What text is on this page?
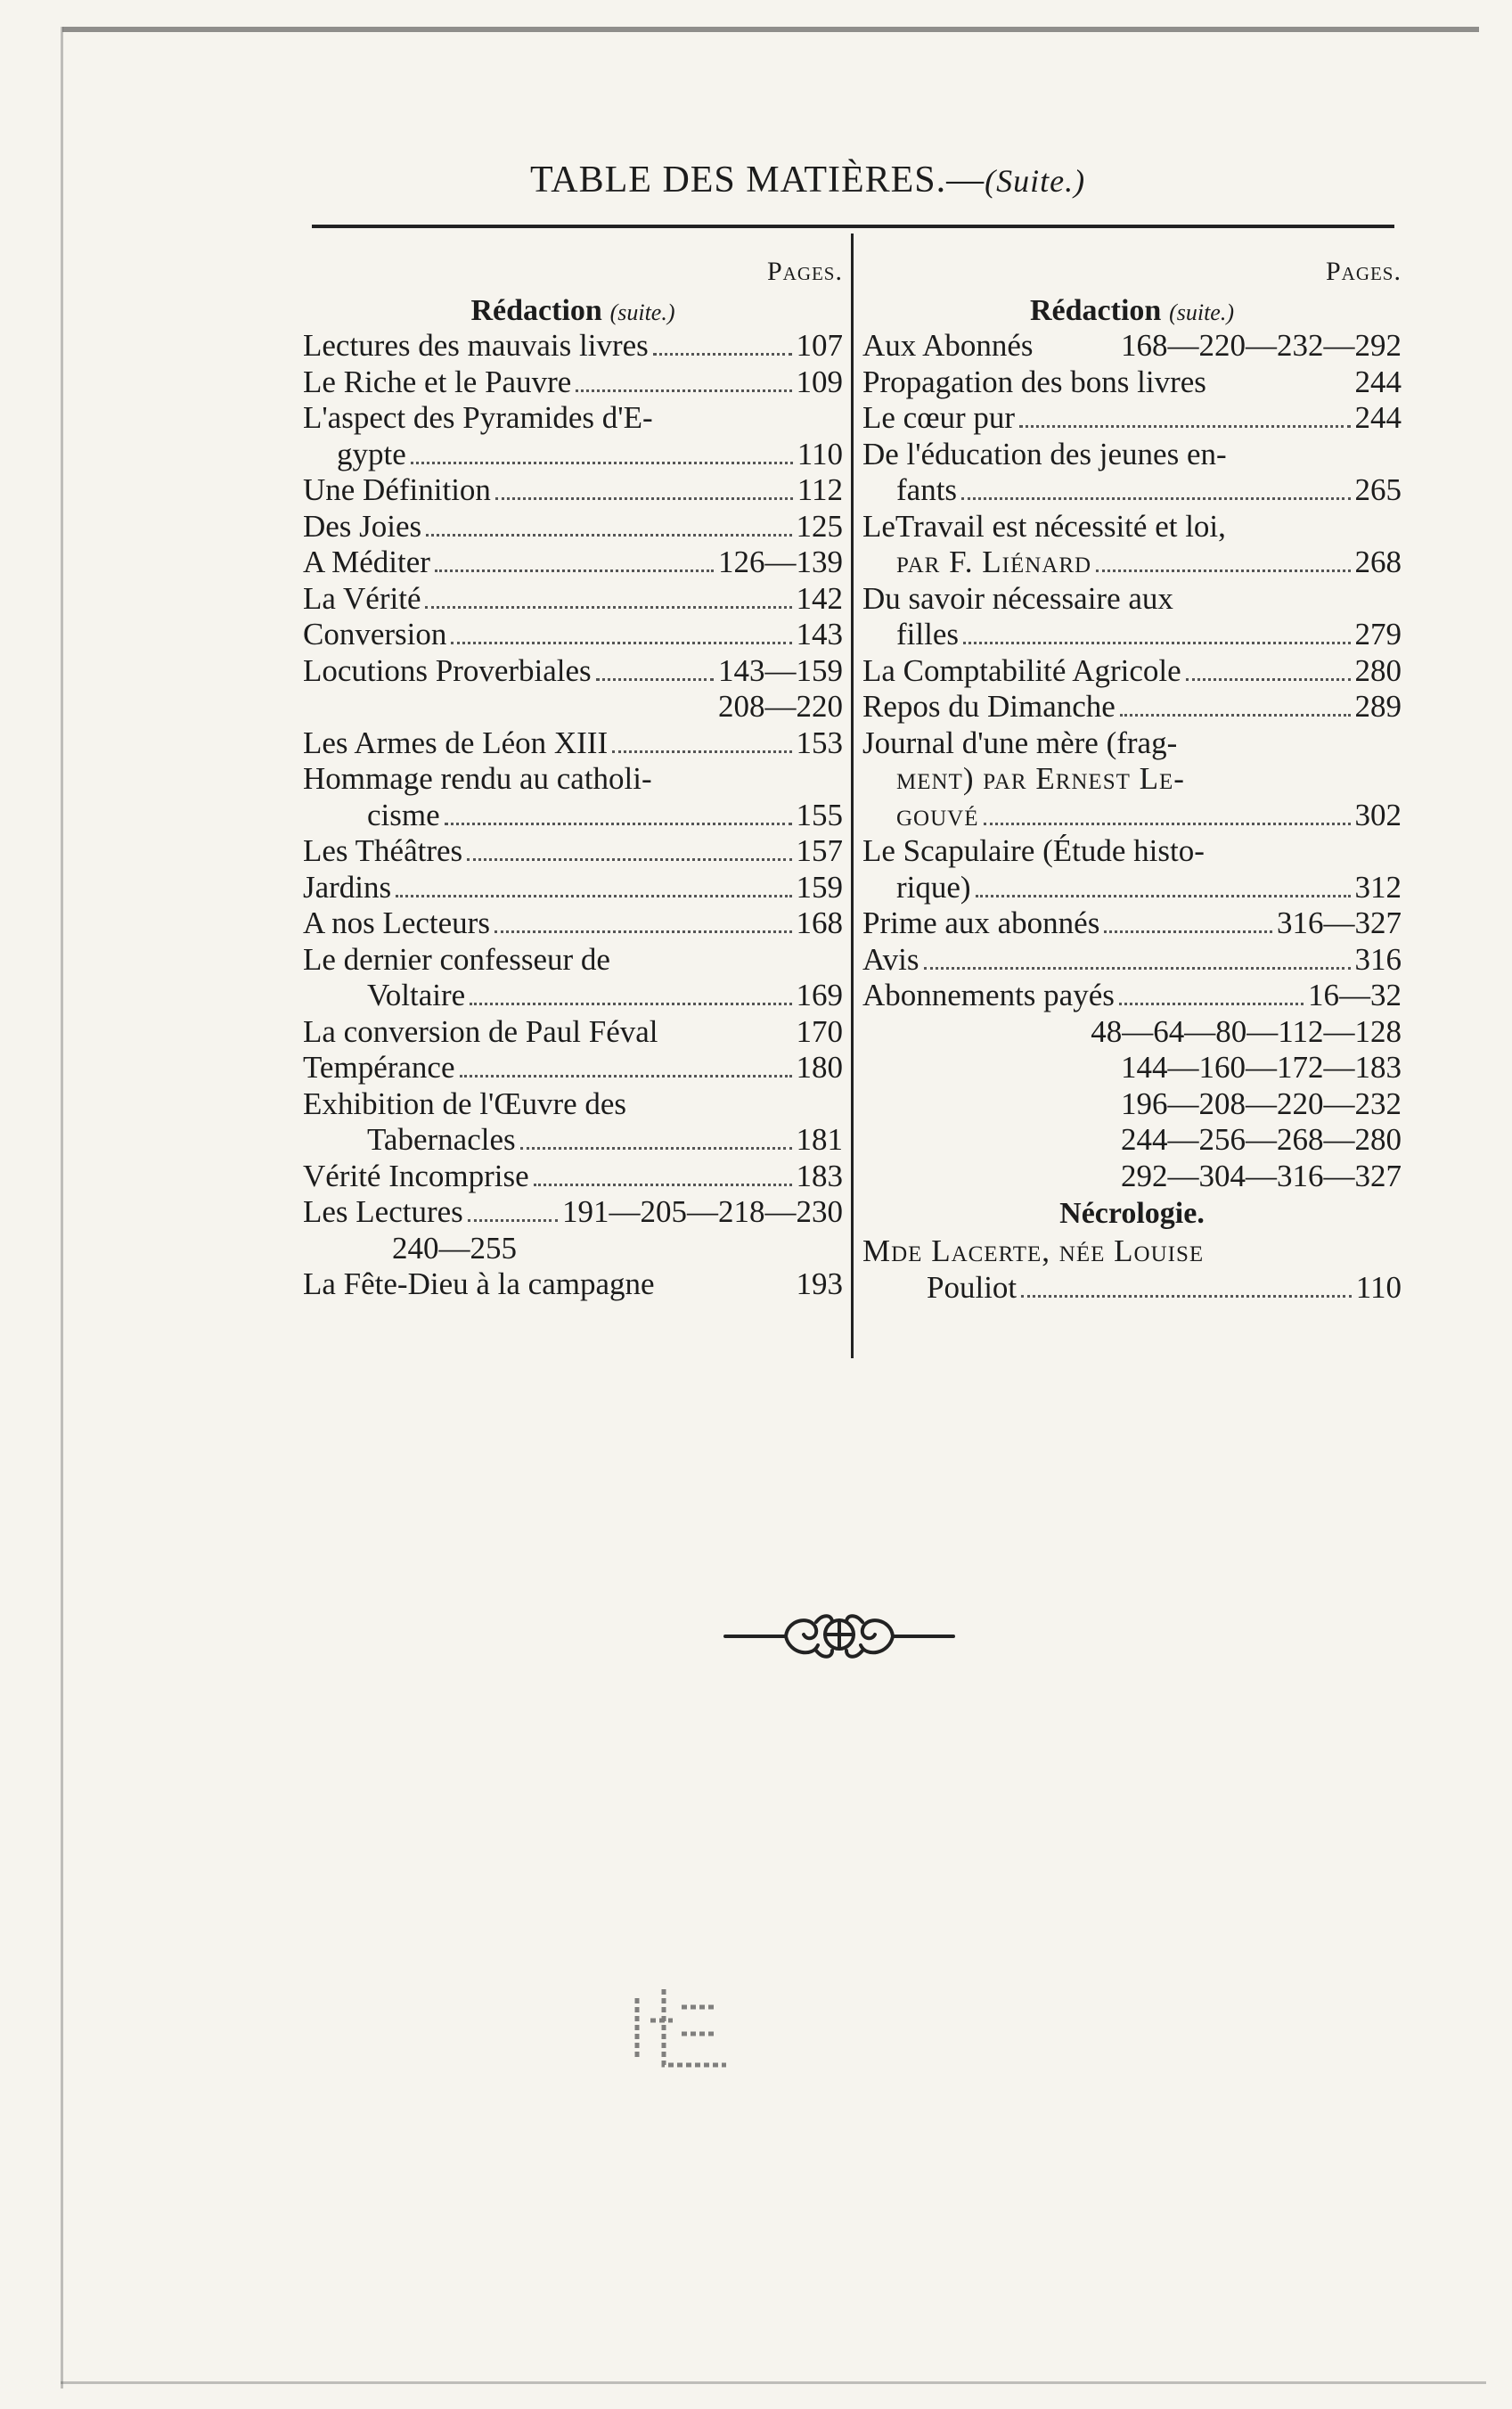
TABLE DES MATIÈRES.—(Suite.)
Pages.
Rédaction (suite.)
Lectures des mauvais livres	107
Le Riche et le Pauvre	109
L'aspect des Pyramides d'E-
gypte	110
Une Définition	112
Des Joies	125
A Méditer	126—139
La Vérité	142
Conversion	143
Locutions Proverbiales	143—159
208—220
Les Armes de Léon XIII	153
Hommage rendu au catholi-
cisme	155
Les Théâtres	157
Jardins	159
A nos Lecteurs	168
Le dernier confesseur de
Voltaire	169
La conversion de Paul Féval	170
Tempérance	180
Exhibition de l'Œuvre des
Tabernacles	181
Vérité Incomprise	183
Les Lectures	191—205—218—230
240—255
La Fête-Dieu à la campagne	193
Pages.
Rédaction (suite.)
Aux Abonnés	168—220—232—292
Propagation des bons livres	244
Le cœur pur	244
De l'éducation des jeunes en-
fants	265
LeTravail est nécessité et loi,
par F. Liénard	268
Du savoir nécessaire aux
filles	279
La Comptabilité Agricole	280
Repos du Dimanche	289
Journal d'une mère (frag-
ment) par Ernest Le-
gouvé	302
Le Scapulaire (Étude histo-
rique)	312
Prime aux abonnés	316—327
Avis	316
Abonnements payés	16—32
48—64—80—112—128
144—160—172—183
196—208—220—232
244—256—268—280
292—304—316—327
Nécrologie.
Mde Lacerte, née Louise
Pouliot	110
